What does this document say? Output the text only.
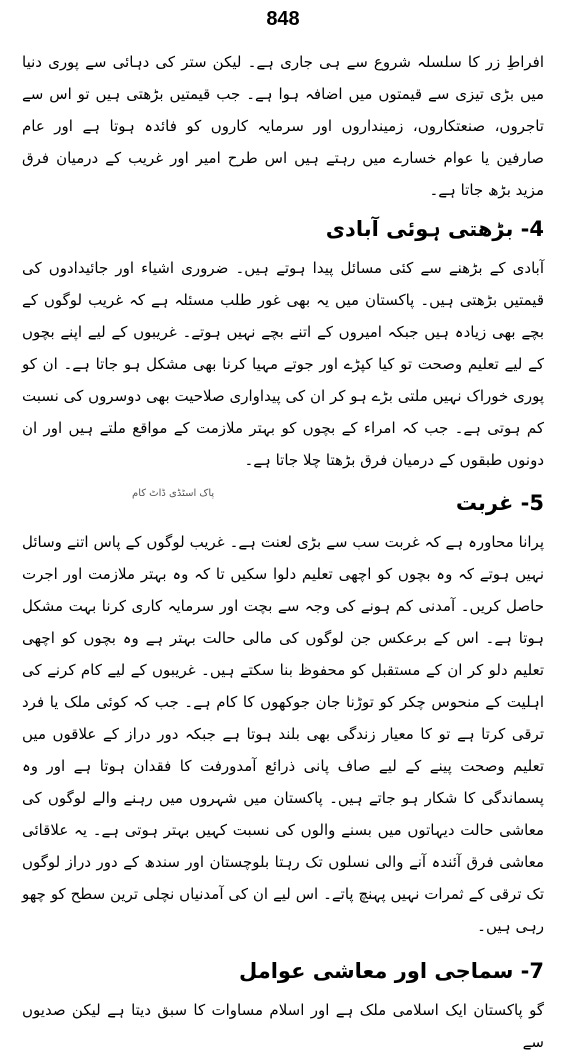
848

افراطِ زر کا سلسلہ شروع سے ہی جاری ہے۔ لیکن ستر کی دہائی سے پوری دنیا میں بڑی تیزی سے قیمتوں میں اضافہ ہوا ہے۔ جب قیمتیں بڑھتی ہیں تو اس سے تاجروں، صنعتکاروں، زمینداروں اور سرمایہ کاروں کو فائدہ ہوتا ہے اور عام صارفین یا عوام خسارے میں رہتے ہیں اس طرح امیر اور غریب کے درمیان فرق مزید بڑھ جاتا ہے۔

4- بڑھتی ہوئی آبادی

آبادی کے بڑھنے سے کئی مسائل پیدا ہوتے ہیں۔ ضروری اشیاء اور جائیدادوں کی قیمتیں بڑھتی ہیں۔ پاکستان میں یہ بھی غور طلب مسئلہ ہے کہ غریب لوگوں کے بچے بھی زیادہ ہیں جبکہ امیروں کے اتنے بچے نہیں ہوتے۔ غریبوں کے لیے اپنے بچوں کے لیے تعلیم وصحت تو کیا کپڑے اور جوتے مہیا کرنا بھی مشکل ہو جاتا ہے۔ ان کو پوری خوراک نہیں ملتی بڑے ہو کر ان کی پیداواری صلاحیت بھی دوسروں کی نسبت کم ہوتی ہے۔ جب کہ امراء کے بچوں کو بہتر ملازمت کے مواقع ملتے ہیں اور ان دونوں طبقوں کے درمیان فرق بڑھتا چلا جاتا ہے۔

5- غربت
پاک اسٹڈی ڈاٹ کام

پرانا محاورہ ہے کہ غربت سب سے بڑی لعنت ہے۔ غریب لوگوں کے پاس اتنے وسائل نہیں ہوتے کہ وہ بچوں کو اچھی تعلیم دلوا سکیں تا کہ وہ بہتر ملازمت اور اجرت حاصل کریں۔ آمدنی کم ہونے کی وجہ سے بچت اور سرمایہ کاری کرنا بہت مشکل ہوتا ہے۔ اس کے برعکس جن لوگوں کی مالی حالت بہتر ہے وہ بچوں کو اچھی تعلیم دلو کر ان کے مستقبل کو محفوظ بنا سکتے ہیں۔ غریبوں کے لیے کام کرنے کی اہلیت کے منحوس چکر کو توڑنا جان جوکھوں کا کام ہے۔ جب کہ کوئی ملک یا فرد ترقی کرتا ہے تو کا معیار زندگی بھی بلند ہوتا ہے جبکہ دور دراز کے علاقوں میں تعلیم وصحت پینے کے لیے صاف پانی ذرائع آمدورفت کا فقدان ہوتا ہے اور وہ پسماندگی کا شکار ہو جاتے ہیں۔ پاکستان میں شہروں میں رہنے والے لوگوں کی معاشی حالت دیہاتوں میں بسنے والوں کی نسبت کہیں بہتر ہوتی ہے۔ یہ علاقائی معاشی فرق آئندہ آنے والی نسلوں تک رہتا بلوچستان اور سندھ کے دور دراز لوگوں تک ترقی کے ثمرات نہیں پہنچ پاتے۔ اس لیے ان کی آمدنیاں نچلی ترین سطح کو چھو رہی ہیں۔

7- سماجی اور معاشی عوامل

گو پاکستان ایک اسلامی ملک ہے اور اسلام مساوات کا سبق دیتا ہے لیکن صدیوں سے
